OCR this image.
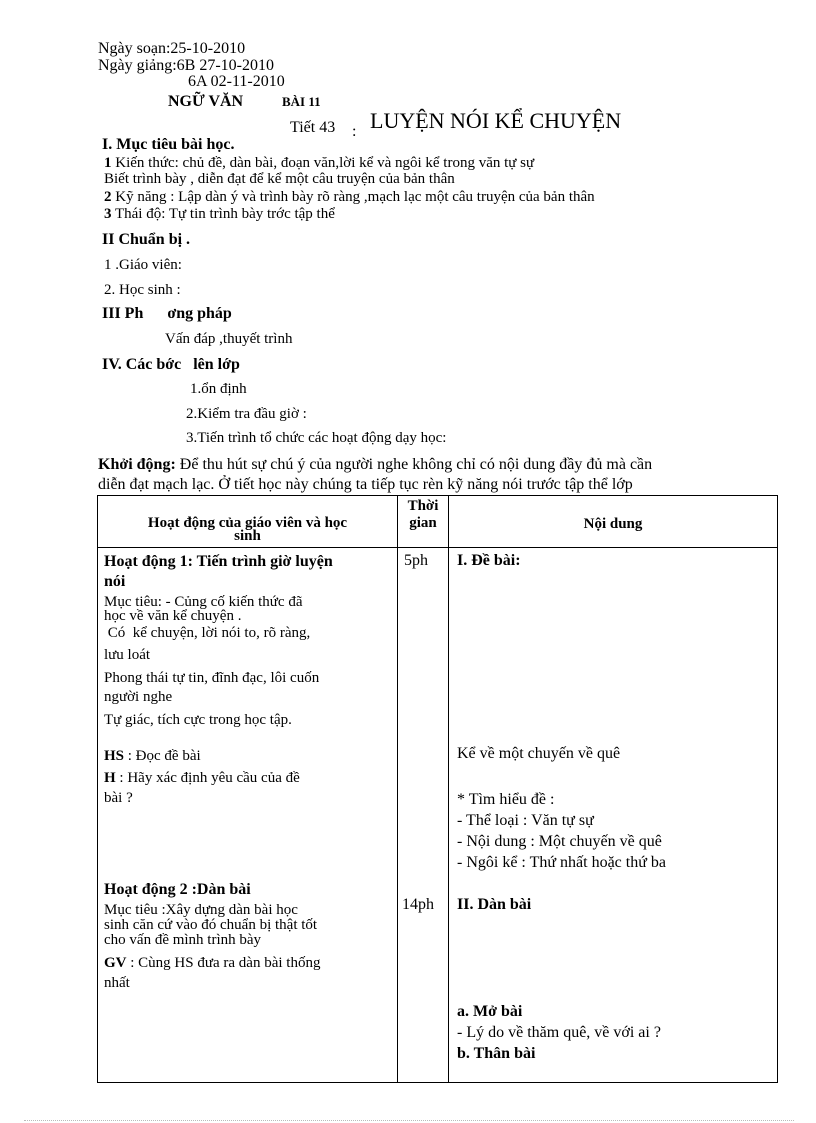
Ngày soạn:25-10-2010
Ngày giảng:6B 27-10-2010
6A 02-11-2010
NGỮ VĂN	BÀI 11
Tiết 43 : LUYỆN NÓI KỂ CHUYỆN
I. Mục tiêu bài học.
1 Kiến thức: chủ đề, dàn bài, đoạn văn,lời kể và ngôi kể trong văn tự sự
Biết trình bày , diễn đạt để kể một câu truyện của bản thân
2 Kỹ năng : Lập dàn ý và trình bày rõ ràng ,mạch lạc một câu truyện của bản thân
3 Thái độ: Tự tin trình bày trớc tập thể
II Chuẩn bị .
1 .Giáo viên:
2. Học sinh :
III Ph      ơng pháp
Vấn đáp ,thuyết trình
IV. Các bớc   lên lớp
1.ổn định
2.Kiểm tra đầu giờ :
3.Tiến trình tổ chức các hoạt động dạy học:
Khởi động: Để thu hút sự chú ý của người nghe không chỉ có nội dung đầy đủ mà cần
diễn đạt mạch lạc. Ở tiết học này chúng ta tiếp tục rèn kỹ năng nói trước tập thể lớp

Hoạt động của giáo viên và học

sinh

Thời

gian	Nội dung

Hoạt động 1: Tiến trình giờ luyện

nói

Mục tiêu: - Củng cố kiến thức đã

học về văn kể chuyện .

Có  kể chuyện, lời nói to, rõ ràng,

lưu loát

Phong thái tự tin, đĩnh đạc, lôi cuốn

người nghe

Tự giác, tích cực trong học tập.

HS : Đọc đề bài

H : Hãy xác định yêu cầu của đề

bài ?

Hoạt động 2 :Dàn bài

Mục tiêu :Xây dựng dàn bài học

sinh căn cứ vào đó chuẩn bị thật tốt

cho vấn đề mình trình bày

GV : Cùng HS đưa ra dàn bài thống

nhất

5ph
14ph
I. Đề bài:
Kể về một chuyến về quê

* Tìm hiểu đề :

- Thể loại : Văn tự sự

- Nội dung : Một chuyến về quê

- Ngôi kể : Thứ nhất hoặc thứ ba

II. Dàn bài

a. Mở bài

- Lý do về thăm quê, về với ai ?

b. Thân bài
